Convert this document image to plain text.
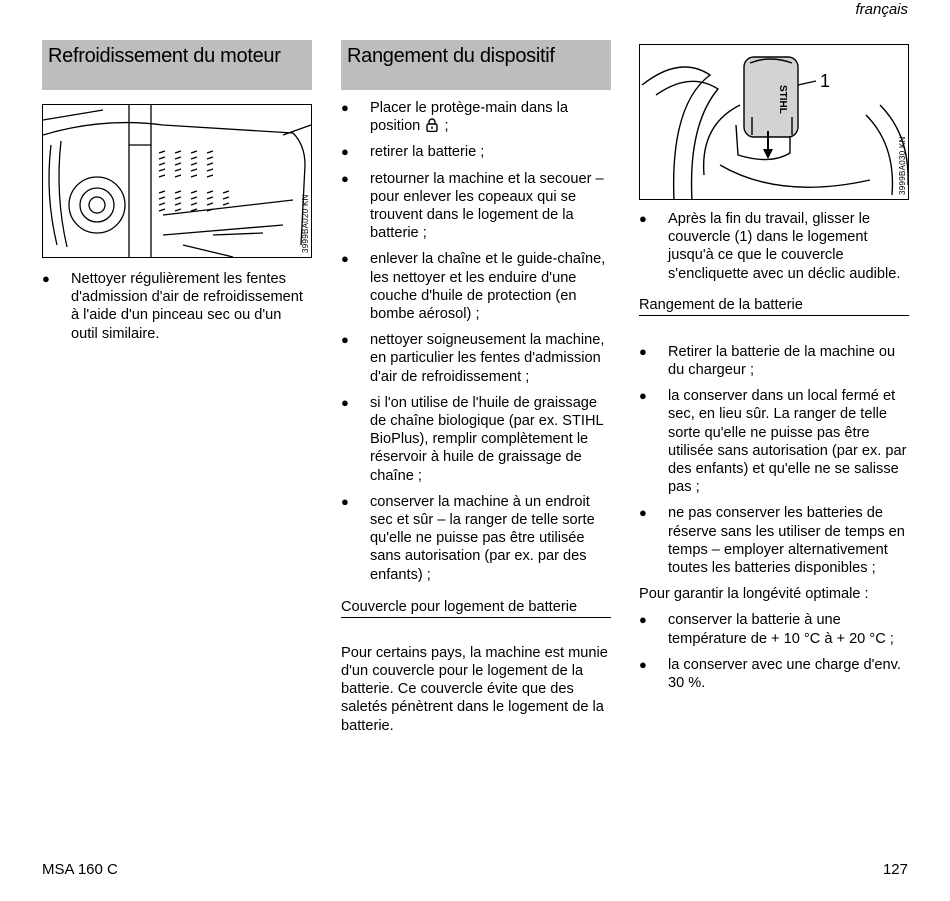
français
Refroidissement du moteur
3999BA020 KN
● Nettoyer régulièrement les fentes d'admission d'air de refroidissement à l'aide d'un pinceau sec ou d'un outil similaire.
Rangement du dispositif
● Placer le protège-main dans la position ;
● retirer la batterie ;
● retourner la machine et la secouer – pour enlever les copeaux qui se trouvent dans le logement de la batterie ;
● enlever la chaîne et le guide-chaîne, les nettoyer et les enduire d'une couche d'huile de protection (en bombe aérosol) ;
● nettoyer soigneusement la machine, en particulier les fentes d'admission d'air de refroidissement ;
● si l'on utilise de l'huile de graissage de chaîne biologique (par ex. STIHL BioPlus), remplir complètement le réservoir à huile de graissage de chaîne ;
● conserver la machine à un endroit sec et sûr – la ranger de telle sorte qu'elle ne puisse pas être utilisée sans autorisation (par ex. par des enfants) ;
Couvercle pour logement de batterie

Pour certains pays, la machine est munie d'un couvercle pour le logement de la batterie. Ce couvercle évite que des saletés pénètrent dans le logement de la batterie.

STIHL
1
3999BA030 KN
● Après la fin du travail, glisser le couvercle (1) dans le logement jusqu'à ce que le couvercle s'encliquette avec un déclic audible.
Rangement de la batterie
● Retirer la batterie de la machine ou du chargeur ;
● la conserver dans un local fermé et sec, en lieu sûr. La ranger de telle sorte qu'elle ne puisse pas être utilisée sans autorisation (par ex. par des enfants) et qu'elle ne se salisse pas ;
● ne pas conserver les batteries de réserve sans les utiliser de temps en temps – employer alternativement toutes les batteries disponibles ;

Pour garantir la longévité optimale :

● conserver la batterie à une température de + 10 °C à + 20 °C ;
● la conserver avec une charge d'env. 30 %.
MSA 160 C	127
